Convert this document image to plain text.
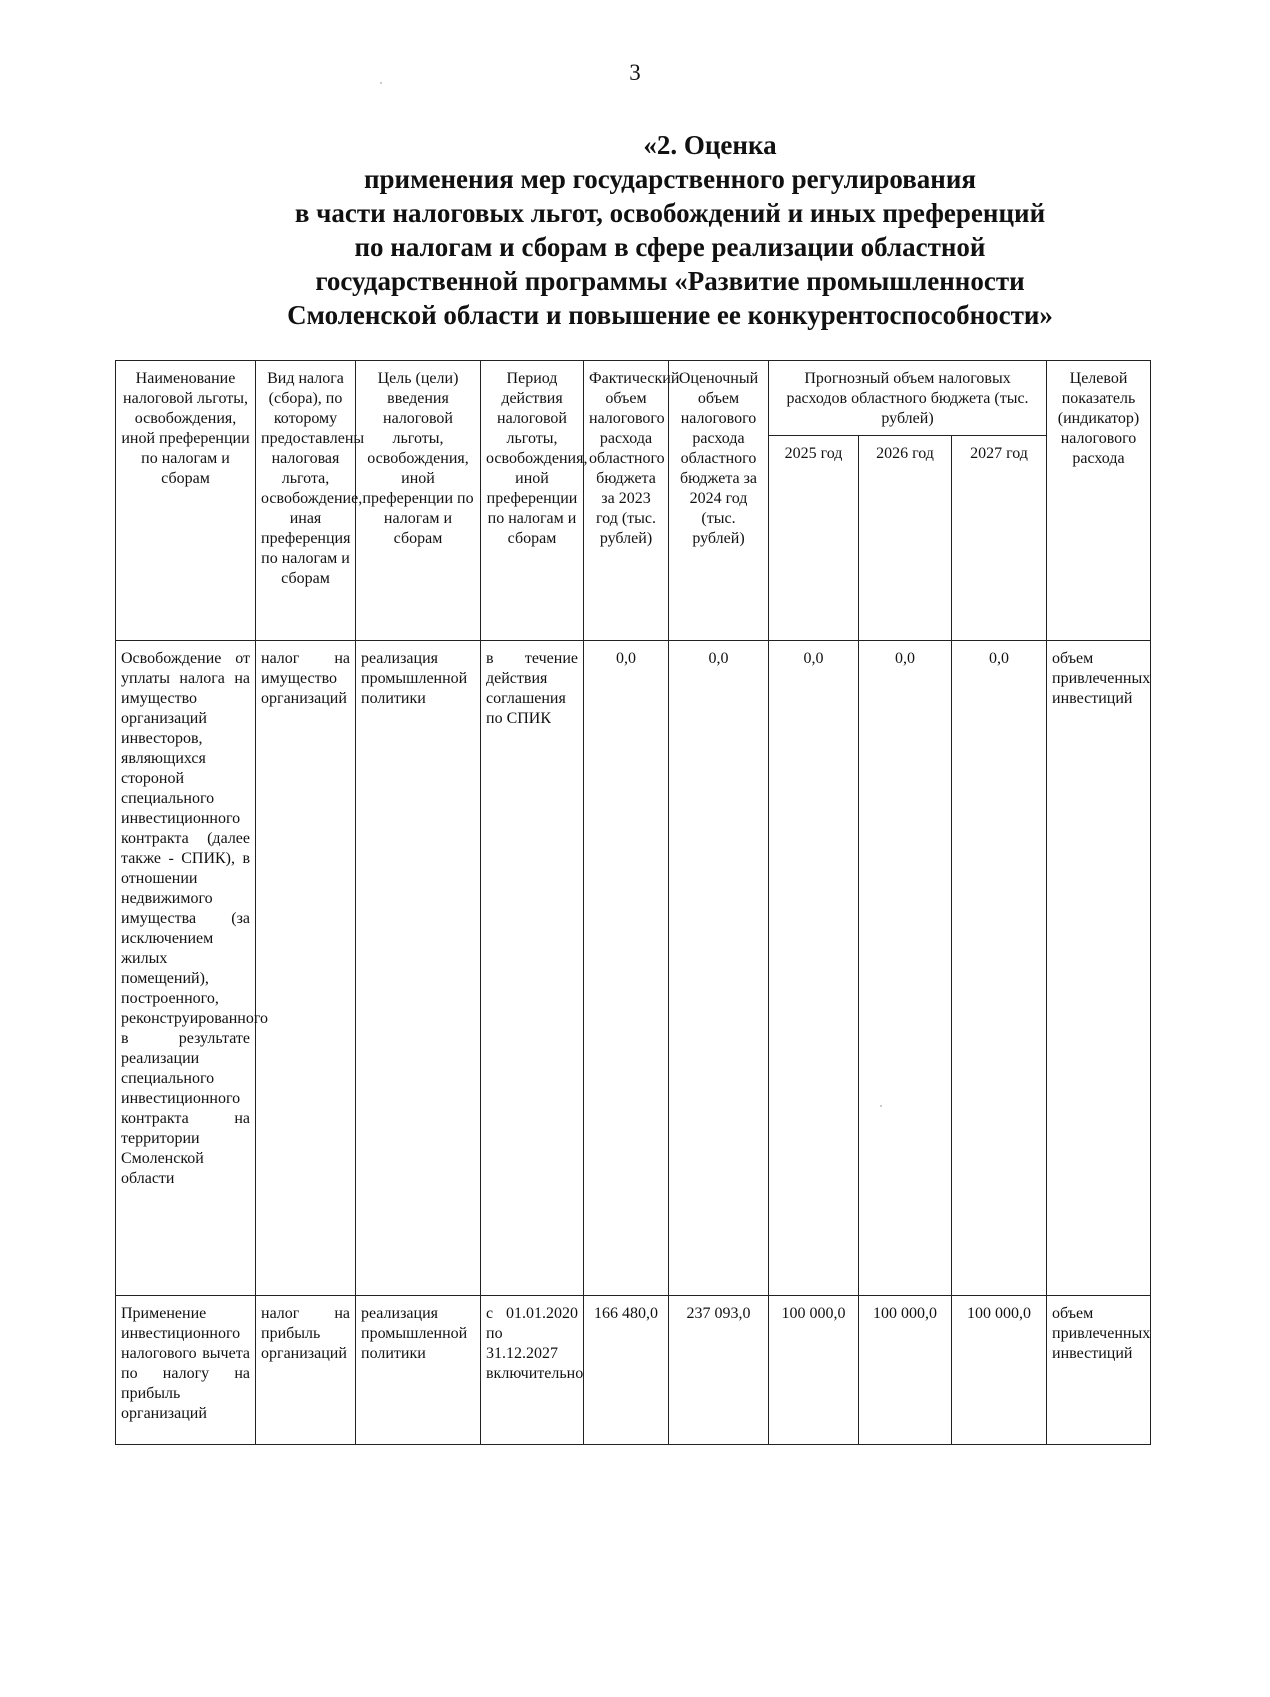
3
«2. Оценка
применения мер государственного регулирования
в части налоговых льгот, освобождений и иных преференций
по налогам и сборам в сфере реализации областной
государственной программы «Развитие промышленности
Смоленской области и повышение ее конкурентоспособности»
Наименование налоговой льготы, освобождения, иной преференции по налогам и сборам	Вид налога (сбора), по которому предоставлены налоговая льгота, освобождение, иная преференция по налогам и сборам	Цель (цели) введения налоговой льготы, освобождения, иной преференции по налогам и сборам	Период действия налоговой льготы, освобождения, иной преференции по налогам и сборам	Фактический объем налогового расхода областного бюджета за 2023 год (тыс. рублей)	Оценочный объем налогового расхода областного бюджета за 2024 год (тыс. рублей)	Прогнозный объем налоговых расходов областного бюджета (тыс. рублей)			Целевой показатель (индикатор) налогового расхода
						2025 год	2026 год	2027 год	
Освобождение от уплаты налога на имущество организаций инвесторов, являющихся стороной специального инвестиционного контракта (далее также - СПИК), в отношении недвижимого имущества (за исключением жилых помещений), построенного, реконструированного в результате реализации специального инвестиционного контракта на территории Смоленской области	налог на имущество организаций	реализация промышленной политики	в течение действия соглашения по СПИК	0,0	0,0	0,0	0,0	0,0	объем привлеченных инвестиций
Применение инвестиционного налогового вычета по налогу на прибыль организаций	налог на прибыль организаций	реализация промышленной политики	с 01.01.2020 по 31.12.2027 включительно	166 480,0	237 093,0	100 000,0	100 000,0	100 000,0	объем привлеченных инвестиций
